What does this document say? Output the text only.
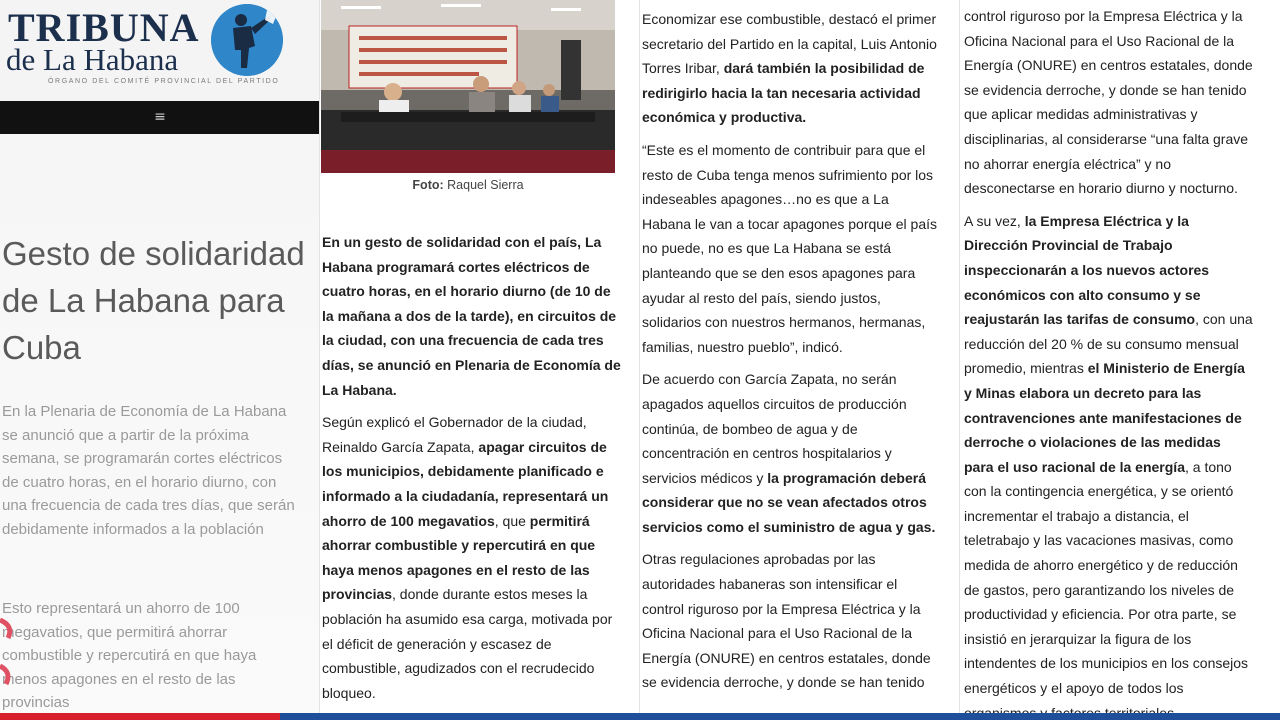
TRIBUNA
de La Habana
ÓRGANO DEL COMITÉ PROVINCIAL DEL PARTIDO
≡
Gesto de solidaridad de La Habana para Cuba

En la Plenaria de Economía de La Habana se anunció que a partir de la próxima semana, se programarán cortes eléctricos de cuatro horas, en el horario diurno, con una frecuencia de cada tres días, que serán debidamente informados a la población

Esto representará un ahorro de 100 megavatios, que permitirá ahorrar combustible y repercutirá en que haya menos apagones en el resto de las provincias

Foto: Raquel Sierra

En un gesto de solidaridad con el país, La Habana programará cortes eléctricos de cuatro horas, en el horario diurno (de 10 de la mañana a dos de la tarde), en circuitos de la ciudad, con una frecuencia de cada tres días, se anunció en Plenaria de Economía de La Habana.

Según explicó el Gobernador de la ciudad, Reinaldo García Zapata, apagar circuitos de los municipios, debidamente planificado e informado a la ciudadanía, representará un ahorro de 100 megavatios, que permitirá ahorrar combustible y repercutirá en que haya menos apagones en el resto de las provincias, donde durante estos meses la población ha asumido esa carga, motivada por el déficit de generación y escasez de combustible, agudizados con el recrudecido bloqueo.

Economizar ese combustible, destacó el primer secretario del Partido en la capital, Luis Antonio Torres Iribar, dará también la posibilidad de redirigirlo hacia la tan necesaria actividad económica y productiva.

“Este es el momento de contribuir para que el resto de Cuba tenga menos sufrimiento por los indeseables apagones…no es que a La Habana le van a tocar apagones porque el país no puede, no es que La Habana se está planteando que se den esos apagones para ayudar al resto del país, siendo justos, solidarios con nuestros hermanos, hermanas, familias, nuestro pueblo”, indicó.

De acuerdo con García Zapata, no serán apagados aquellos circuitos de producción continúa, de bombeo de agua y de concentración en centros hospitalarios y servicios médicos y la programación deberá considerar que no se vean afectados otros servicios como el suministro de agua y gas.

Otras regulaciones aprobadas por las autoridades habaneras son intensificar el control riguroso por la Empresa Eléctrica y la Oficina Nacional para el Uso Racional de la Energía (ONURE) en centros estatales, donde se evidencia derroche, y donde se han tenido

control riguroso por la Empresa Eléctrica y la Oficina Nacional para el Uso Racional de la Energía (ONURE) en centros estatales, donde se evidencia derroche, y donde se han tenido que aplicar medidas administrativas y disciplinarias, al considerarse “una falta grave no ahorrar energía eléctrica” y no desconectarse en horario diurno y nocturno.

A su vez, la Empresa Eléctrica y la Dirección Provincial de Trabajo inspeccionarán a los nuevos actores económicos con alto consumo y se reajustarán las tarifas de consumo, con una reducción del 20 % de su consumo mensual promedio, mientras el Ministerio de Energía y Minas elabora un decreto para las contravenciones ante manifestaciones de derroche o violaciones de las medidas para el uso racional de la energía, a tono con la contingencia energética, y se orientó incrementar el trabajo a distancia, el teletrabajo y las vacaciones masivas, como medida de ahorro energético y de reducción de gastos, pero garantizando los niveles de productividad y eficiencia. Por otra parte, se insistió en jerarquizar la figura de los intendentes de los municipios en los consejos energéticos y el apoyo de todos los
